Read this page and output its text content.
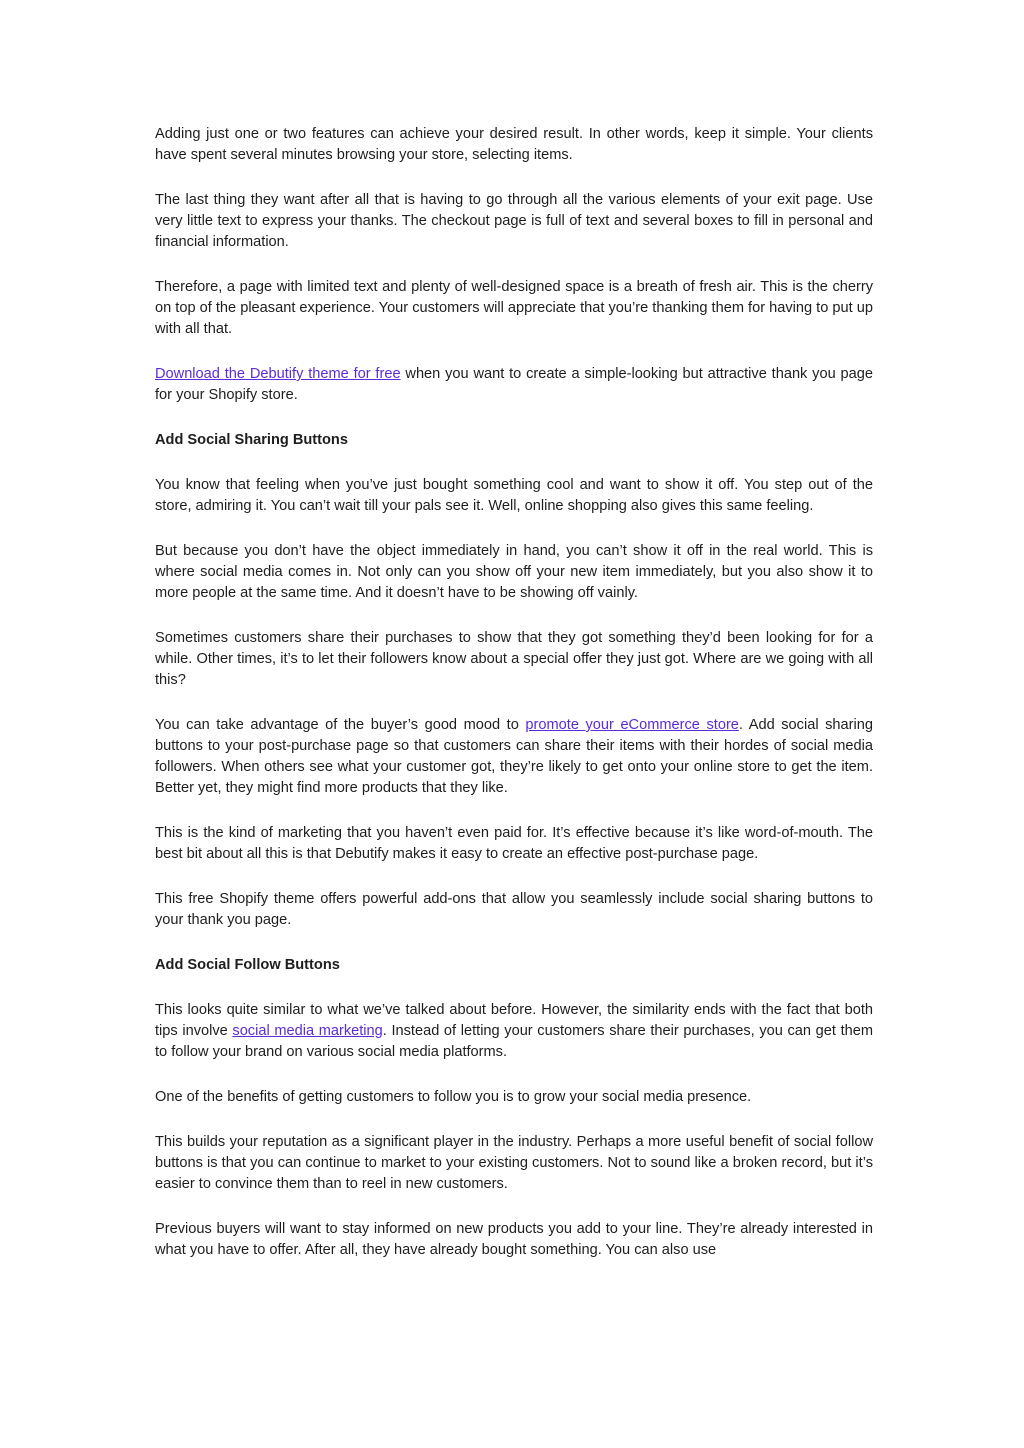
Adding just one or two features can achieve your desired result. In other words, keep it simple. Your clients have spent several minutes browsing your store, selecting items.

The last thing they want after all that is having to go through all the various elements of your exit page. Use very little text to express your thanks. The checkout page is full of text and several boxes to fill in personal and financial information.

Therefore, a page with limited text and plenty of well-designed space is a breath of fresh air. This is the cherry on top of the pleasant experience. Your customers will appreciate that you’re thanking them for having to put up with all that.

Download the Debutify theme for free when you want to create a simple-looking but attractive thank you page for your Shopify store.

Add Social Sharing Buttons

You know that feeling when you’ve just bought something cool and want to show it off. You step out of the store, admiring it. You can’t wait till your pals see it. Well, online shopping also gives this same feeling.

But because you don’t have the object immediately in hand, you can’t show it off in the real world. This is where social media comes in. Not only can you show off your new item immediately, but you also show it to more people at the same time. And it doesn’t have to be showing off vainly.

Sometimes customers share their purchases to show that they got something they’d been looking for for a while. Other times, it’s to let their followers know about a special offer they just got. Where are we going with all this?

You can take advantage of the buyer’s good mood to promote your eCommerce store. Add social sharing buttons to your post-purchase page so that customers can share their items with their hordes of social media followers. When others see what your customer got, they’re likely to get onto your online store to get the item. Better yet, they might find more products that they like.

This is the kind of marketing that you haven’t even paid for. It’s effective because it’s like word-of-mouth. The best bit about all this is that Debutify makes it easy to create an effective post-purchase page.

This free Shopify theme offers powerful add-ons that allow you seamlessly include social sharing buttons to your thank you page.

Add Social Follow Buttons

This looks quite similar to what we’ve talked about before. However, the similarity ends with the fact that both tips involve social media marketing. Instead of letting your customers share their purchases, you can get them to follow your brand on various social media platforms.

One of the benefits of getting customers to follow you is to grow your social media presence.

This builds your reputation as a significant player in the industry. Perhaps a more useful benefit of social follow buttons is that you can continue to market to your existing customers. Not to sound like a broken record, but it’s easier to convince them than to reel in new customers.

Previous buyers will want to stay informed on new products you add to your line. They’re already interested in what you have to offer. After all, they have already bought something. You can also use
